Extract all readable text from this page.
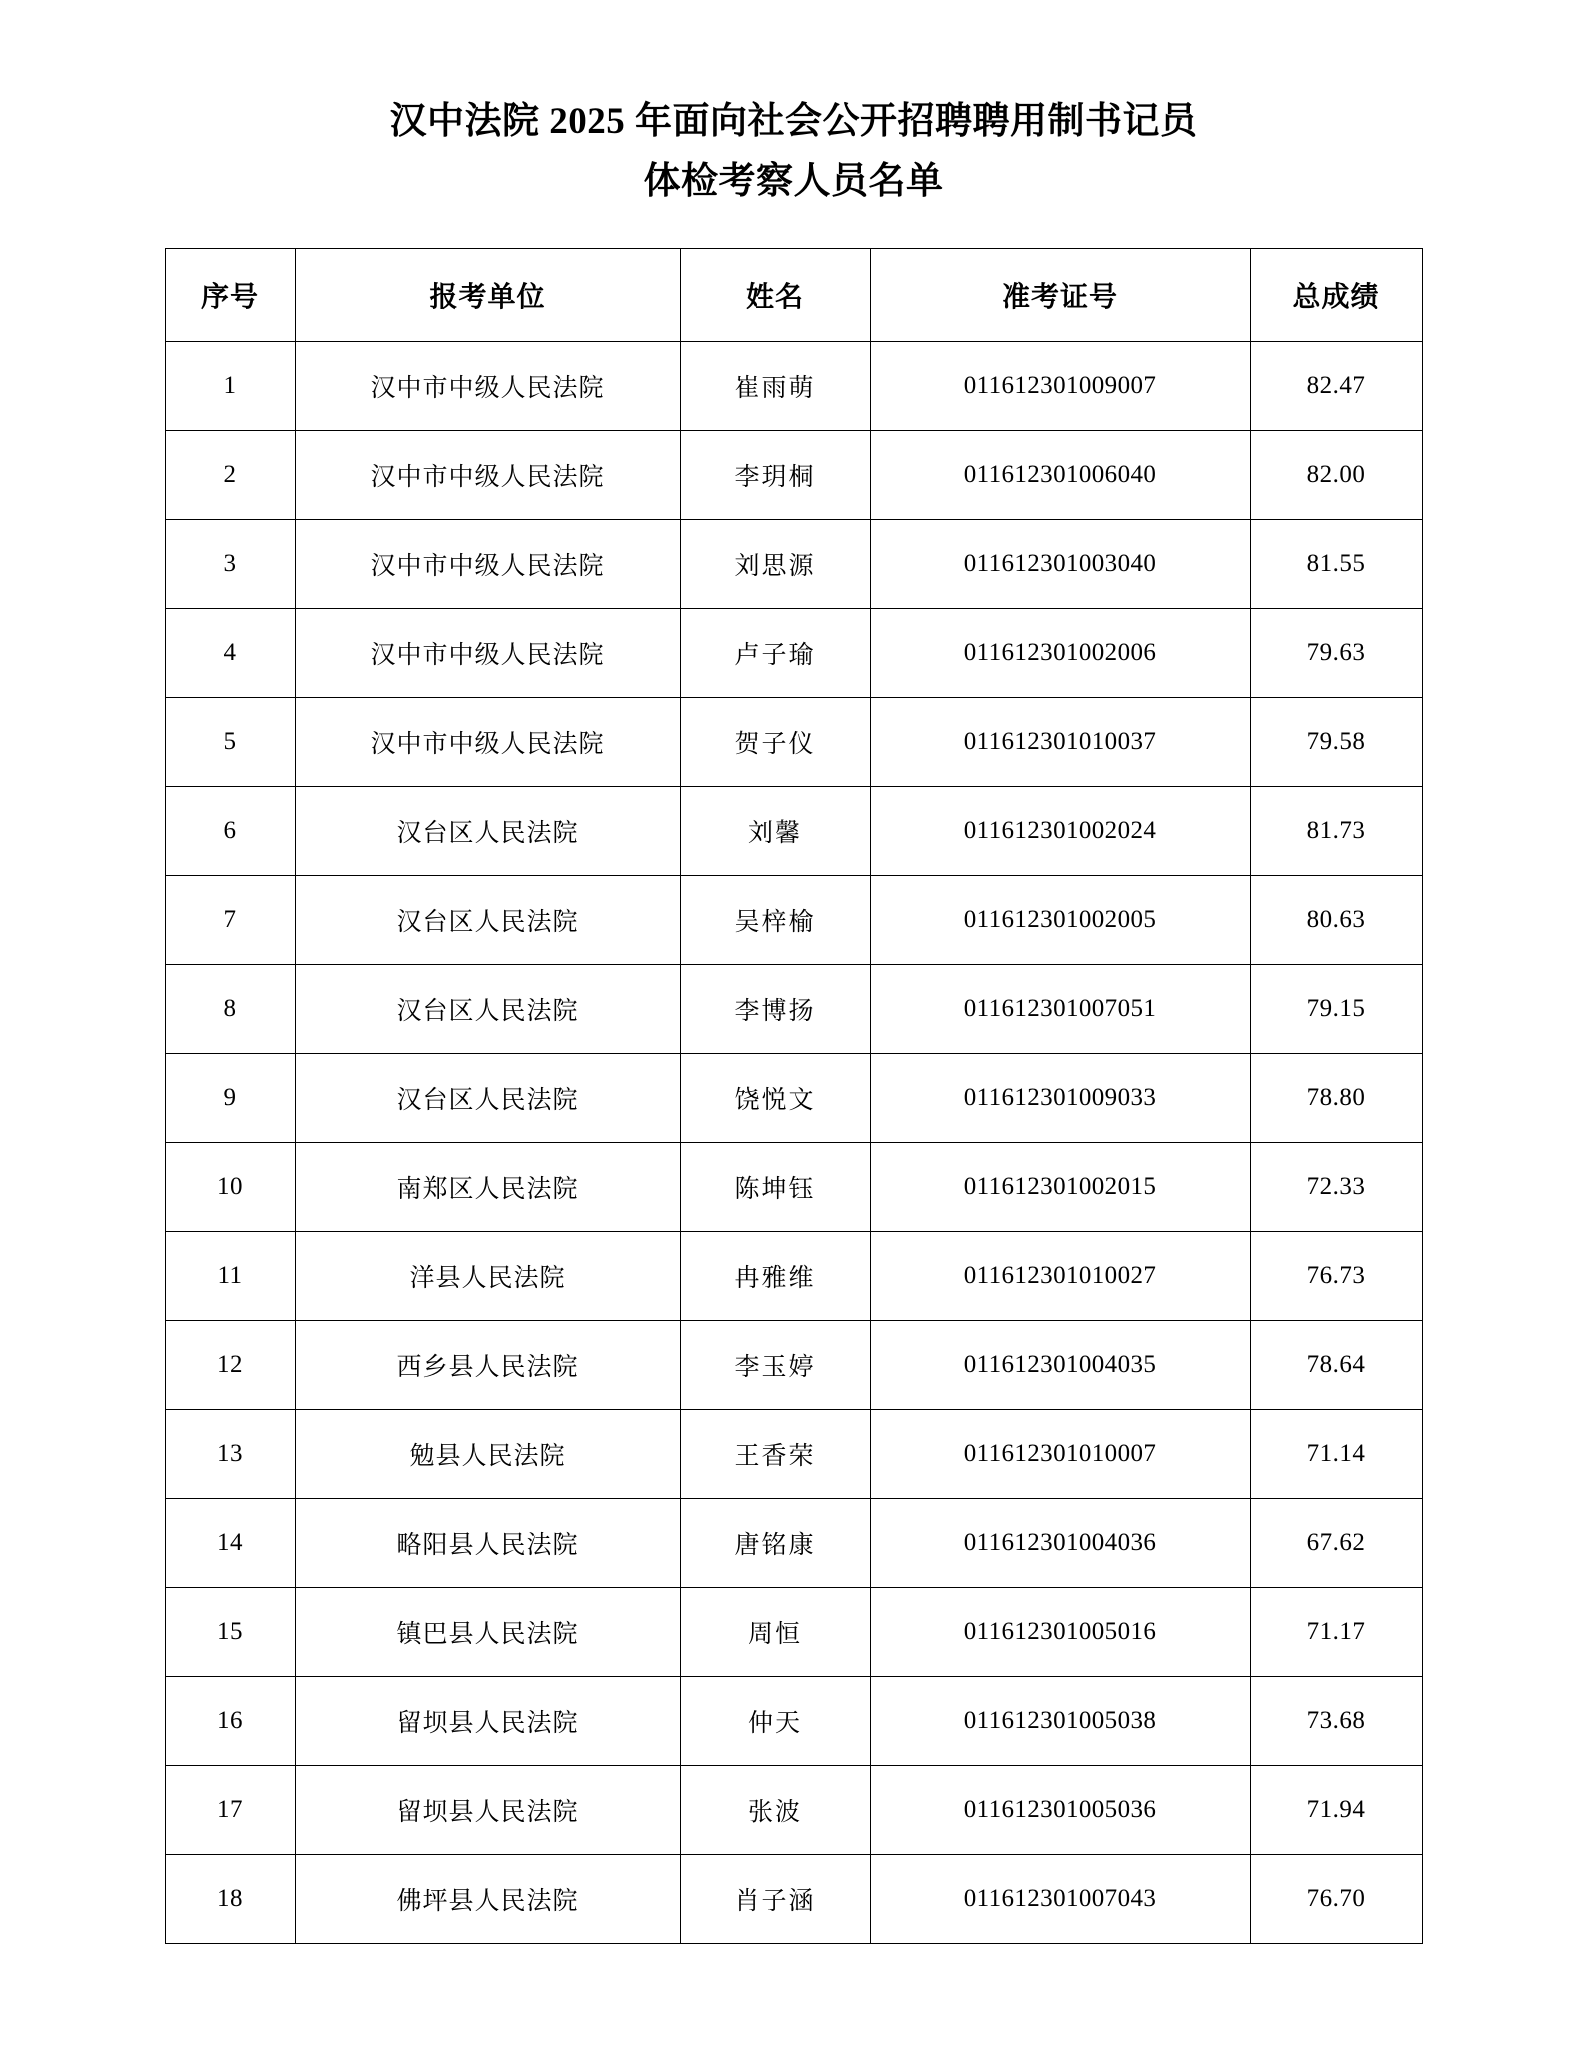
汉中法院 2025 年面向社会公开招聘聘用制书记员
体检考察人员名单
序号	报考单位	姓名	准考证号	总成绩
1	汉中市中级人民法院	崔雨萌	011612301009007	82.47
2	汉中市中级人民法院	李玥桐	011612301006040	82.00
3	汉中市中级人民法院	刘思源	011612301003040	81.55
4	汉中市中级人民法院	卢子瑜	011612301002006	79.63
5	汉中市中级人民法院	贺子仪	011612301010037	79.58
6	汉台区人民法院	刘馨	011612301002024	81.73
7	汉台区人民法院	吴梓榆	011612301002005	80.63
8	汉台区人民法院	李博扬	011612301007051	79.15
9	汉台区人民法院	饶悦文	011612301009033	78.80
10	南郑区人民法院	陈坤钰	011612301002015	72.33
11	洋县人民法院	冉雅维	011612301010027	76.73
12	西乡县人民法院	李玉婷	011612301004035	78.64
13	勉县人民法院	王香荣	011612301010007	71.14
14	略阳县人民法院	唐铭康	011612301004036	67.62
15	镇巴县人民法院	周恒	011612301005016	71.17
16	留坝县人民法院	仲天	011612301005038	73.68
17	留坝县人民法院	张波	011612301005036	71.94
18	佛坪县人民法院	肖子涵	011612301007043	76.70
